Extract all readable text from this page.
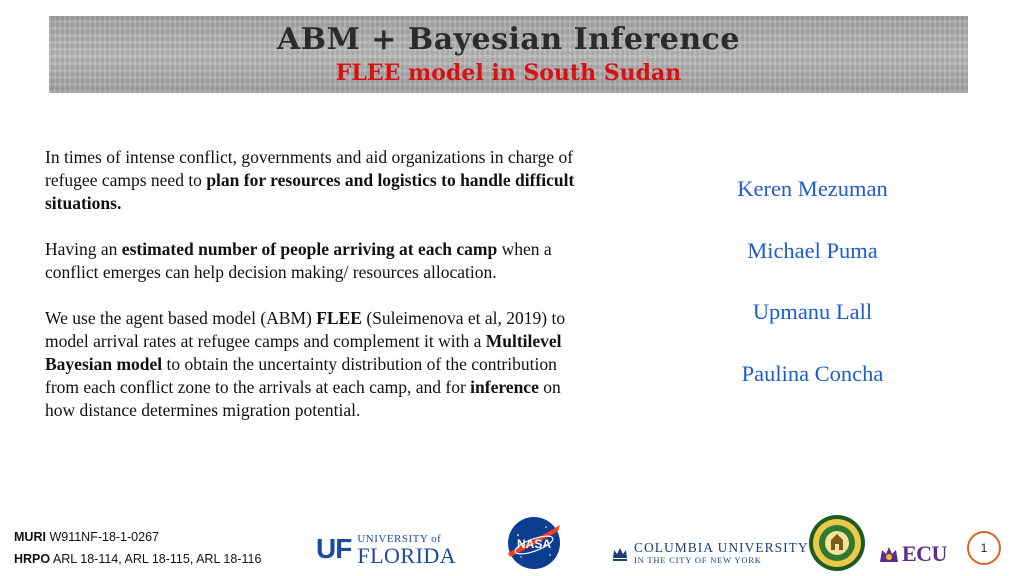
ABM + Bayesian Inference
FLEE model in South Sudan

In times of intense conflict, governments and aid organizations in charge of refugee camps need to plan for resources and logistics to handle difficult situations.

Having an estimated number of people arriving at each camp when a conflict emerges can help decision making/ resources allocation.

We use the agent based model (ABM) FLEE (Suleimenova et al, 2019) to model arrival rates at refugee camps and complement it with a Multilevel Bayesian model to obtain the uncertainty distribution of the contribution from each conflict zone to the arrivals at each camp, and for inference on how distance determines migration potential.

Keren Mezuman
Michael Puma
Upmanu Lall
Paulina Concha
MURI W911NF-18-1-0267
HRPO ARL 18-114, ARL 18-115, ARL 18-116 UF UNIVERSITY of
FLORIDA	NASA	COLUMBIA UNIVERSITY
IN THE CITY OF NEW YORK	ECU	1
